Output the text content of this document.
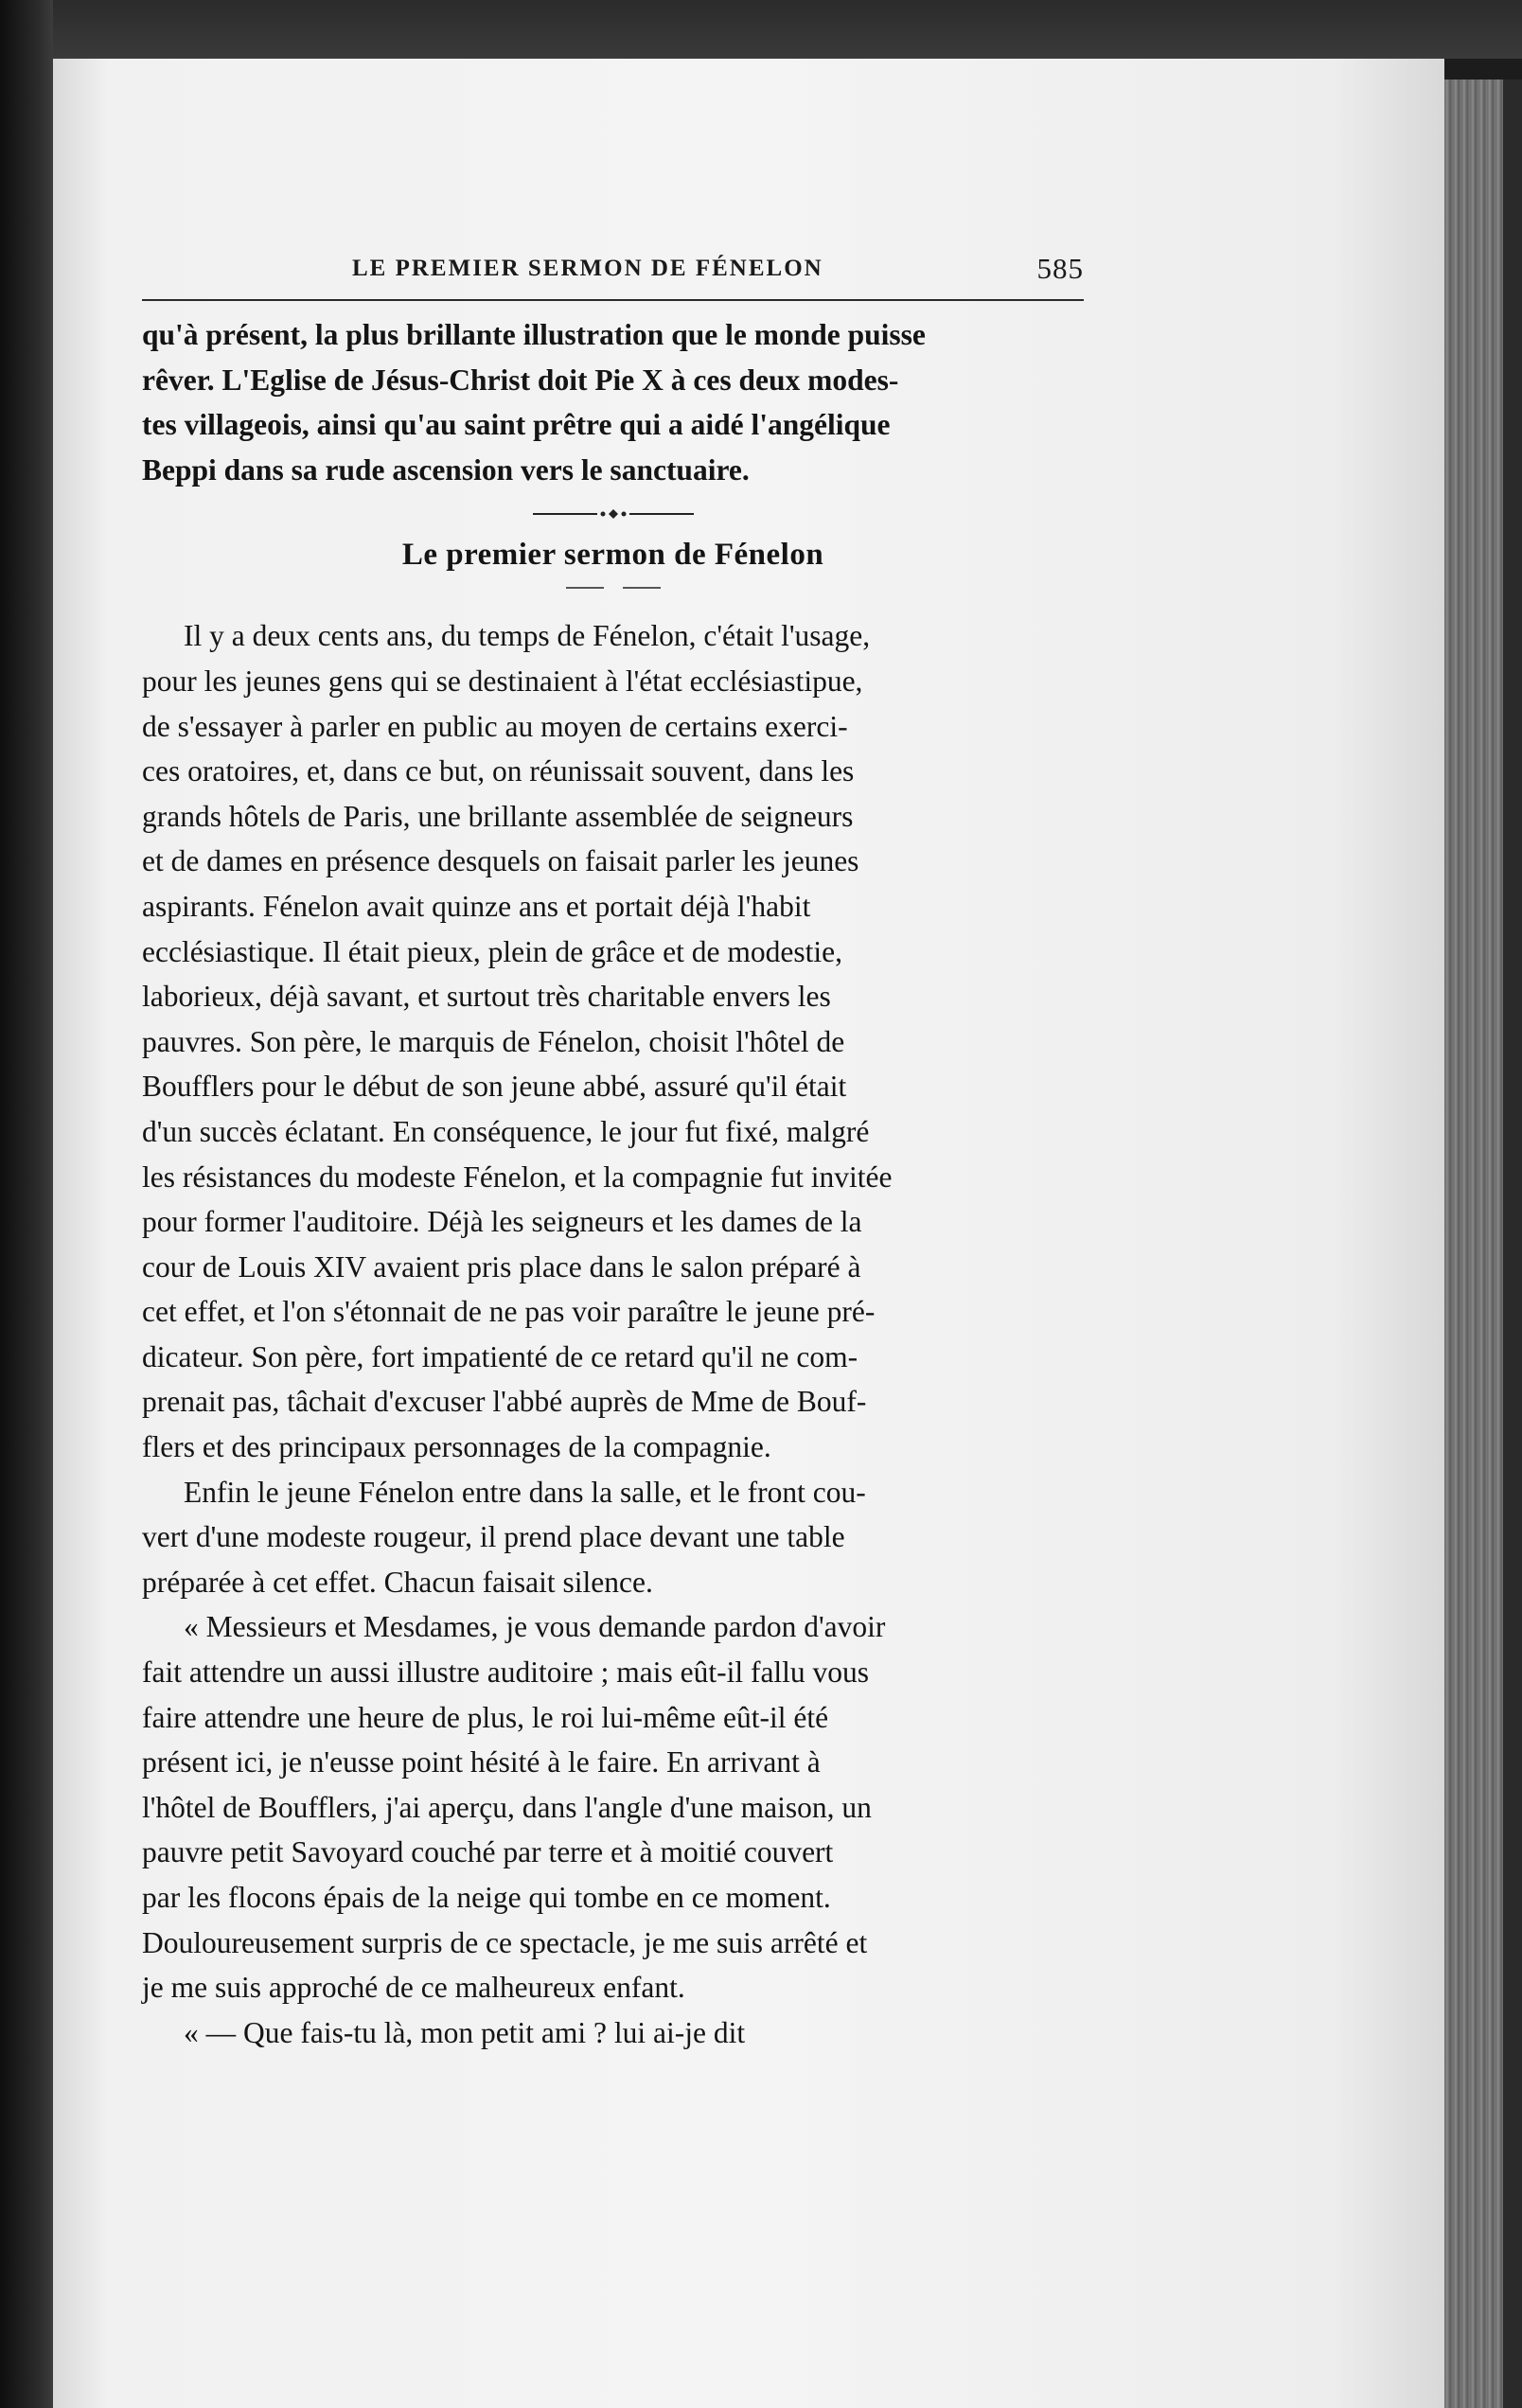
LE PREMIER SERMON DE FÉNELON	585
qu'à présent, la plus brillante illustration que le monde puisse
rêver. L'Eglise de Jésus-Christ doit Pie X à ces deux modes-
tes villageois, ainsi qu'au saint prêtre qui a aidé l'angélique
Beppi dans sa rude ascension vers le sanctuaire.
Le premier sermon de Fénelon
Il y a deux cents ans, du temps de Fénelon, c'était l'usage,
pour les jeunes gens qui se destinaient à l'état ecclésiastipue,
de s'essayer à parler en public au moyen de certains exerci-
ces oratoires, et, dans ce but, on réunissait souvent, dans les
grands hôtels de Paris, une brillante assemblée de seigneurs
et de dames en présence desquels on faisait parler les jeunes
aspirants. Fénelon avait quinze ans et portait déjà l'habit
ecclésiastique. Il était pieux, plein de grâce et de modestie,
laborieux, déjà savant, et surtout très charitable envers les
pauvres. Son père, le marquis de Fénelon, choisit l'hôtel de
Boufflers pour le début de son jeune abbé, assuré qu'il était
d'un succès éclatant. En conséquence, le jour fut fixé, malgré
les résistances du modeste Fénelon, et la compagnie fut invitée
pour former l'auditoire. Déjà les seigneurs et les dames de la
cour de Louis XIV avaient pris place dans le salon préparé à
cet effet, et l'on s'étonnait de ne pas voir paraître le jeune pré-
dicateur. Son père, fort impatienté de ce retard qu'il ne com-
prenait pas, tâchait d'excuser l'abbé auprès de Mme de Bouf-
flers et des principaux personnages de la compagnie.
Enfin le jeune Fénelon entre dans la salle, et le front cou-
vert d'une modeste rougeur, il prend place devant une table
préparée à cet effet. Chacun faisait silence.
« Messieurs et Mesdames, je vous demande pardon d'avoir
fait attendre un aussi illustre auditoire ; mais eût-il fallu vous
faire attendre une heure de plus, le roi lui-même eût-il été
présent ici, je n'eusse point hésité à le faire. En arrivant à
l'hôtel de Boufflers, j'ai aperçu, dans l'angle d'une maison, un
pauvre petit Savoyard couché par terre et à moitié couvert
par les flocons épais de la neige qui tombe en ce moment.
Douloureusement surpris de ce spectacle, je me suis arrêté et
je me suis approché de ce malheureux enfant.
« — Que fais-tu là, mon petit ami ? lui ai-je dit
